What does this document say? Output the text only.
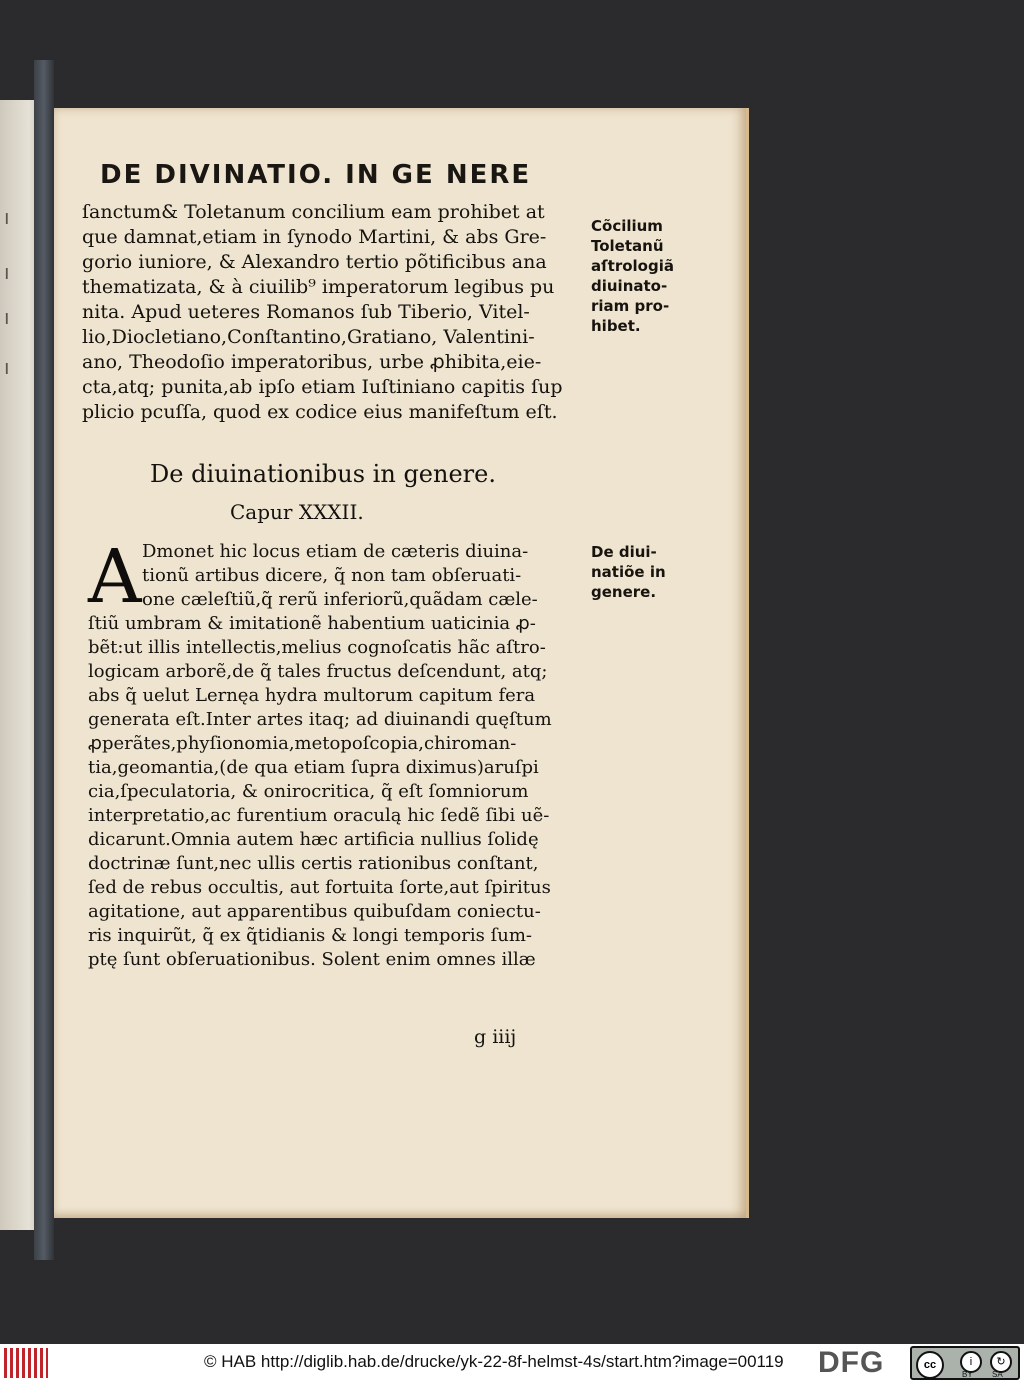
ı
ı
ı
ı
DE DIVINATIO. IN GE NERE
ſanctum& Toletanum concilium eam prohibet at
que damnat,etiam in ſynodo Martini, & abs Gre-
gorio iuniore, & Alexandro tertio põtificibus ana
thematizata, & à ciuilib⁹ imperatorum legibus pu
nita. Apud ueteres Romanos ſub Tiberio, Vitel-
lio,Diocletiano,Conſtantino,Gratiano, Valentini-
ano, Theodoſio imperatoribus, urbe ꝓhibita,eie-
cta,atq; punita,ab ipſo etiam Iuſtiniano capitis ſup
plicio pcuſſa, quod ex codice eius manifeſtum eſt.
Cõcilium
Toletanũ
aſtrologiã
diuinato-
riam pro-
hibet.
De diuinationibus in genere.
Capur XXXII.
De diui-
natiõe in
genere.
A Dmonet hic locus etiam de cæteris diuina-
tionũ artibus dicere, q̃ non tam obſeruati-
one cæleſtiũ,q̃ rerũ inferiorũ,quãdam cæle-
ſtiũ umbram & imitationẽ habentium uaticinia ꝓ-
bẽt:ut illis intellectis,melius cognoſcatis hãc aſtro-
logicam arborẽ,de q̃ tales fructus deſcendunt, atq;
abs q̃ uelut Lernęa hydra multorum capitum fera
generata eſt.Inter artes itaq; ad diuinandi quęſtum
ꝓperãtes,phyſionomia,metopoſcopia,chiroman-
tia,geomantia,(de qua etiam ſupra diximus)aruſpi
cia,ſpeculatoria, & onirocritica, q̃ eſt ſomniorum
interpretatio,ac furentium oraculą hic ſedẽ ſibi uẽ-
dicarunt.Omnia autem hæc artificia nullius ſolidę
doctrinæ ſunt,nec ullis certis rationibus conſtant,
ſed de rebus occultis, aut fortuita ſorte,aut ſpiritus
agitatione, aut apparentibus quibuſdam coniectu-
ris inquirũt, q̃ ex q̃tidianis & longi temporis ſum-
ptę ſunt obſeruationibus. Solent enim omnes illæ
g iiij
© HAB http://diglib.hab.de/drucke/yk-22-8f-helmst-4s/start.htm?image=00119 DFG	cc	i	↻
BY SA
